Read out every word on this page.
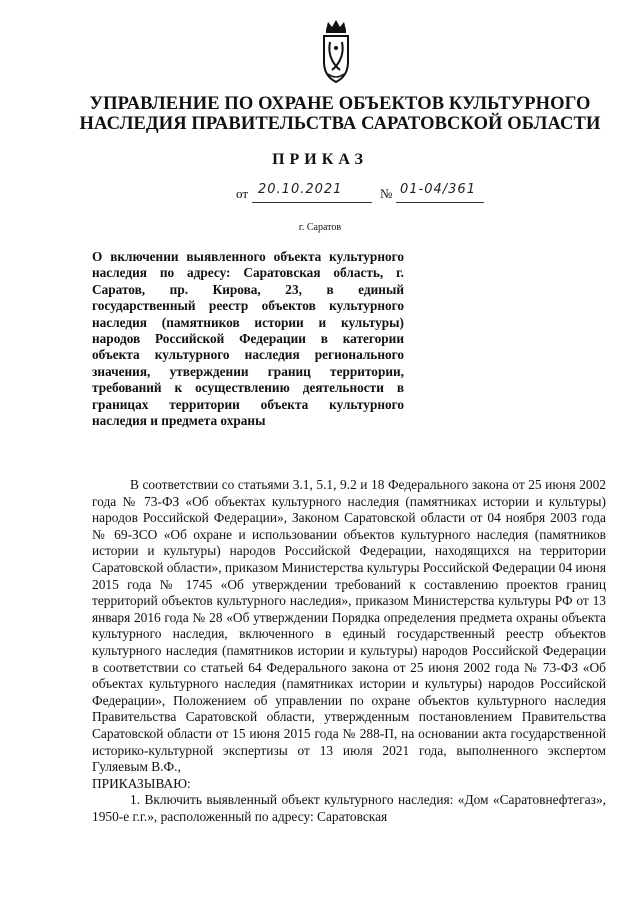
УПРАВЛЕНИЕ ПО ОХРАНЕ ОБЪЕКТОВ КУЛЬТУРНОГО
НАСЛЕДИЯ ПРАВИТЕЛЬСТВА САРАТОВСКОЙ ОБЛАСТИ
ПРИКАЗ
от 20.10.2021	№ 01-04/361
г. Саратов

О включении выявленного объекта культурного наследия по адресу: Саратовская область, г. Саратов, пр. Кирова, 23, в единый государственный реестр объектов культурного наследия (памятников истории и культуры) народов Российской Федерации в категории объекта культурного наследия регионального значения, утверждении границ территории, требований к осуществлению деятельности в границах территории объекта культурного наследия и предмета охраны

В соответствии со статьями 3.1, 5.1, 9.2 и 18 Федерального закона от 25 июня 2002 года № 73-ФЗ «Об объектах культурного наследия (памятниках истории и культуры) народов Российской Федерации», Законом Саратовской области от 04 ноября 2003 года № 69-ЗСО «Об охране и использовании объектов культурного наследия (памятников истории и культуры) народов Российской Федерации, находящихся на территории Саратовской области», приказом Министерства культуры Российской Федерации 04 июня 2015 года № 1745 «Об утверждении требований к составлению проектов границ территорий объектов культурного наследия», приказом Министерства культуры РФ от 13 января 2016 года № 28 «Об утверждении Порядка определения предмета охраны объекта культурного наследия, включенного в единый государственный реестр объектов культурного наследия (памятников истории и культуры) народов Российской Федерации в соответствии со статьей 64 Федерального закона от 25 июня 2002 года № 73-ФЗ «Об объектах культурного наследия (памятниках истории и культуры) народов Российской Федерации», Положением об управлении по охране объектов культурного наследия Правительства Саратовской области, утвержденным постановлением Правительства Саратовской области от 15 июня 2015 года № 288-П, на основании акта государственной историко-культурной экспертизы от 13 июля 2021 года, выполненного экспертом Гуляевым В.Ф.,

ПРИКАЗЫВАЮ:

1. Включить выявленный объект культурного наследия: «Дом «Саратовнефтегаз», 1950-е г.г.», расположенный по адресу: Саратовская
